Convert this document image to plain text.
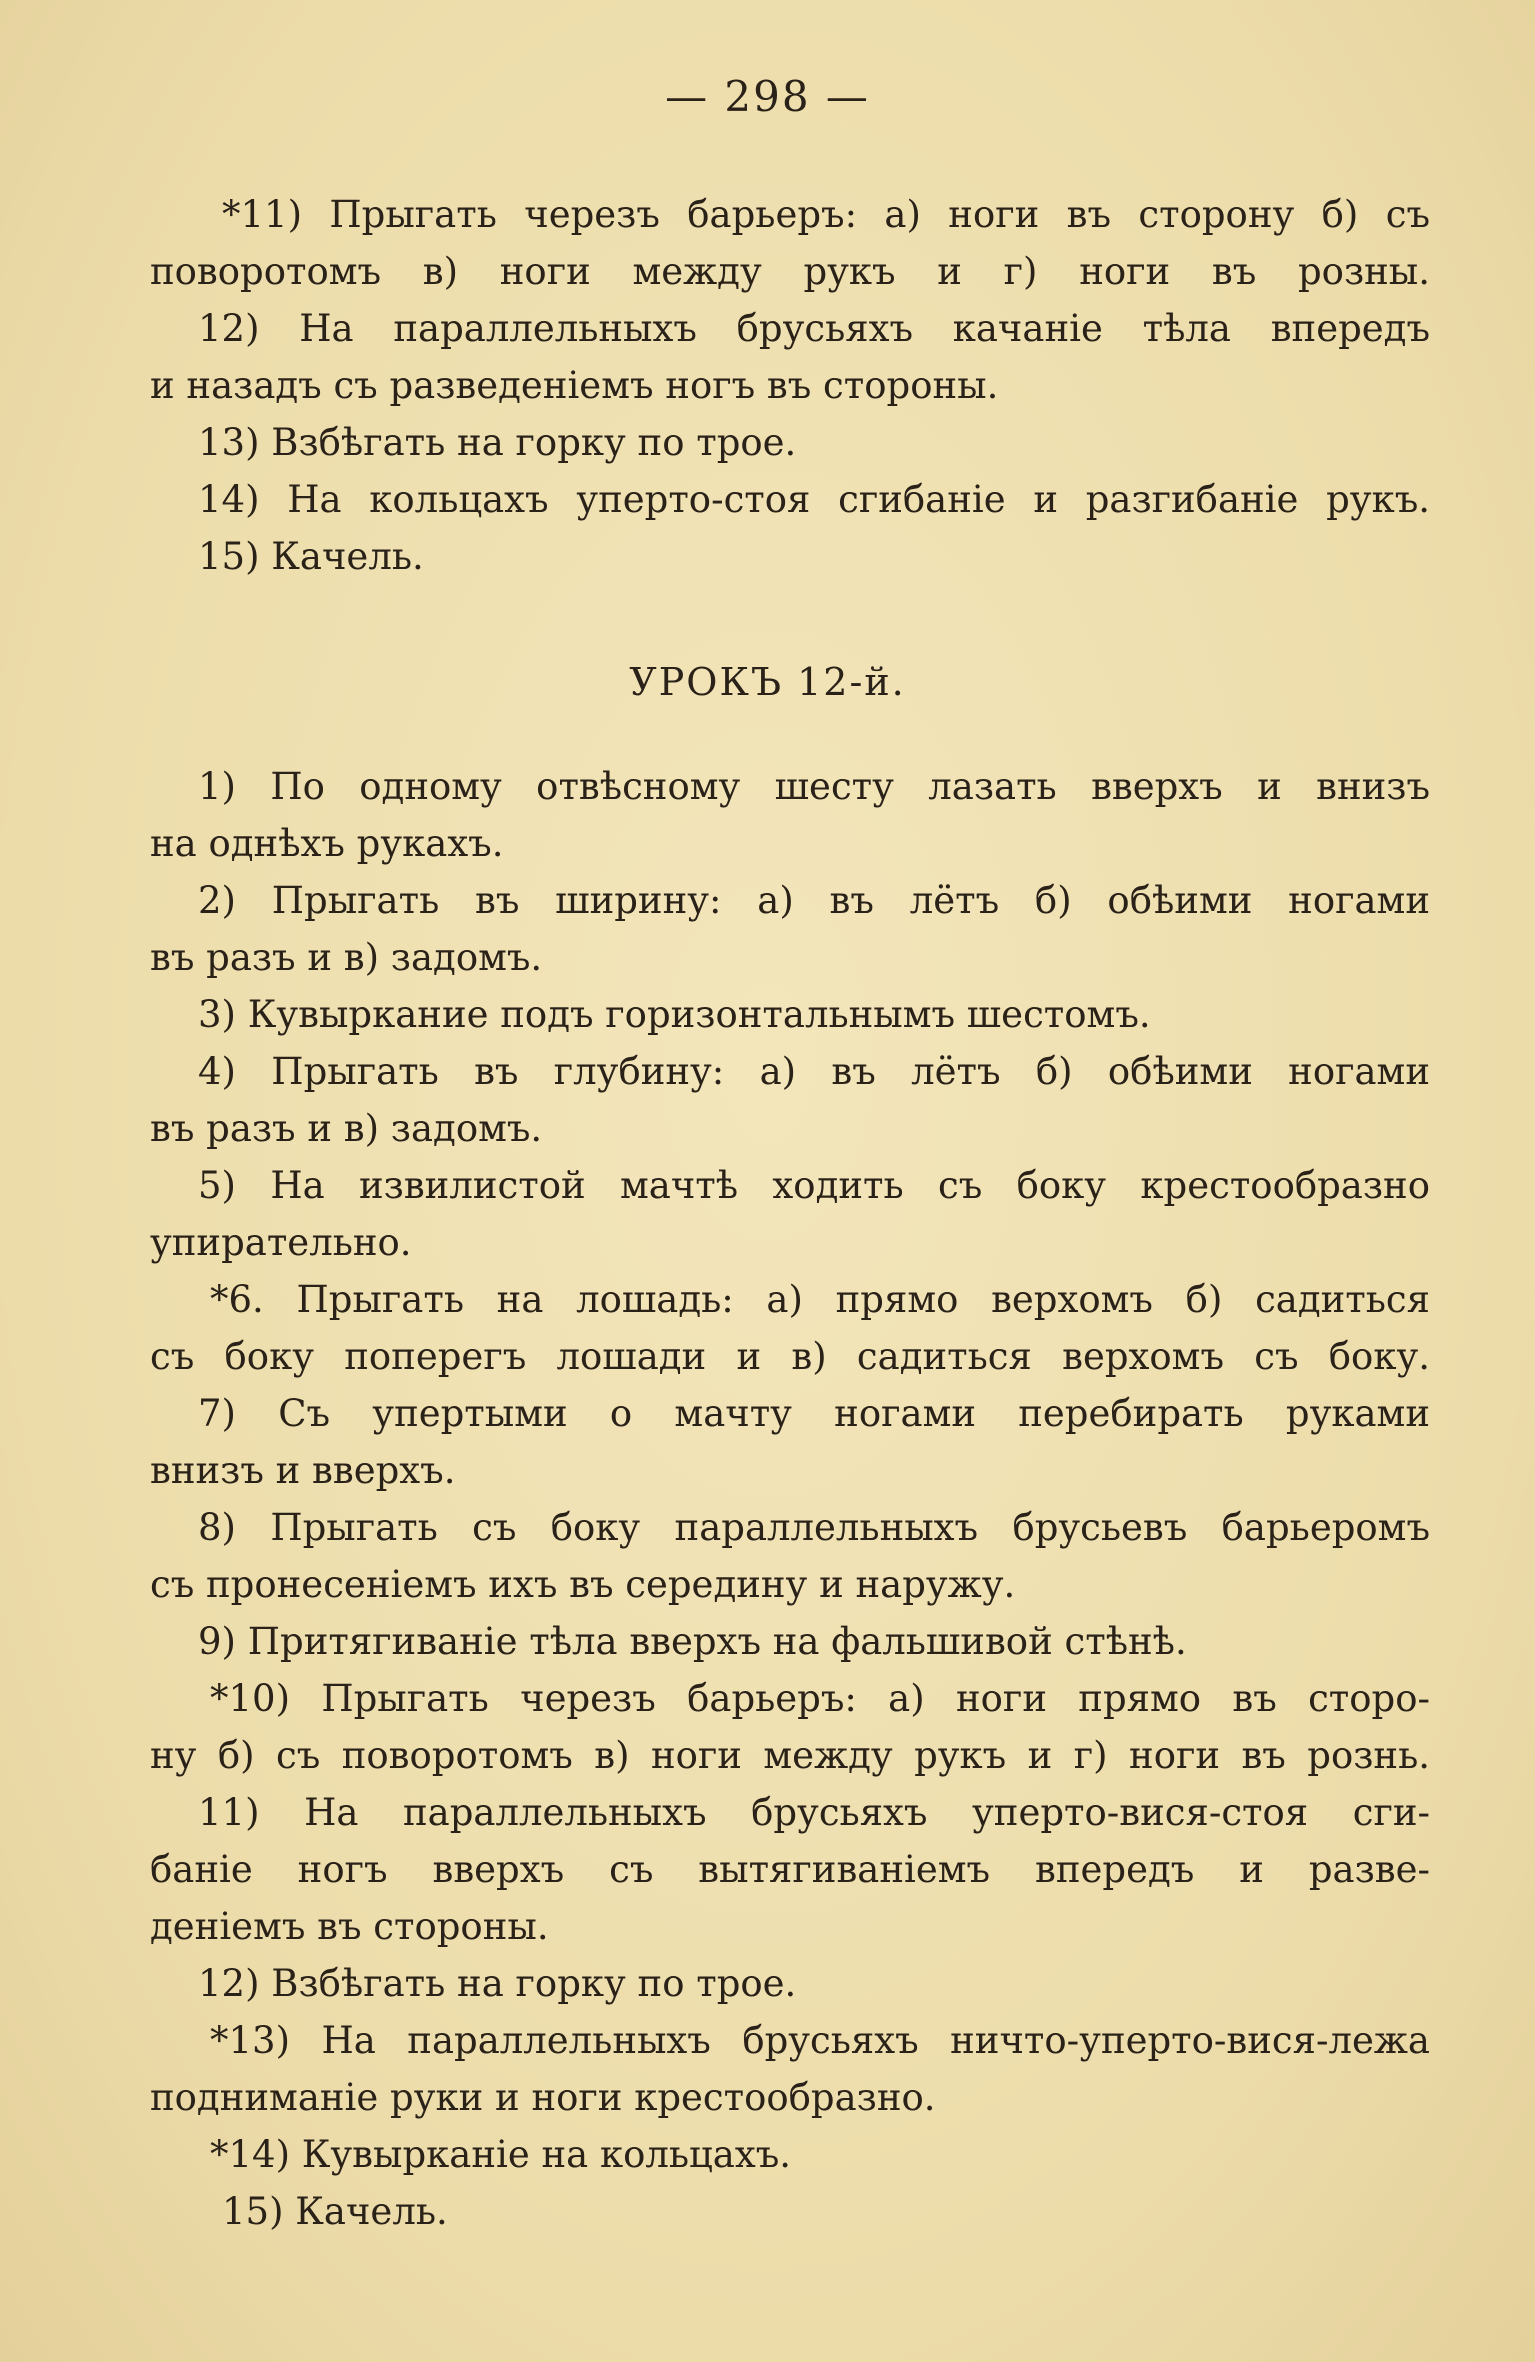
— 298 —
*11) Прыгать черезъ барьеръ: а) ноги въ сторону б) съ
поворотомъ в) ноги между рукъ и г) ноги въ розны.
12) На параллельныхъ брусьяхъ качаніе тѣла впередъ
и назадъ съ разведеніемъ ногъ въ стороны.
13) Взбѣгать на горку по трое.
14) На кольцахъ уперто-стоя сгибаніе и разгибаніе рукъ.
15) Качель.
УРОКЪ 12-й.
1) По одному отвѣсному шесту лазать вверхъ и внизъ
на однѣхъ рукахъ.
2) Прыгать въ ширину: а) въ лётъ б) обѣими ногами
въ разъ и в) задомъ.
3) Кувыркание подъ горизонтальнымъ шестомъ.
4) Прыгать въ глубину: а) въ лётъ б) обѣими ногами
въ разъ и в) задомъ.
5) На извилистой мачтѣ ходить съ боку крестообразно
упирательно.
*6. Прыгать на лошадь: а) прямо верхомъ б) садиться
съ боку поперегъ лошади и в) садиться верхомъ съ боку.
7) Съ упертыми о мачту ногами перебирать руками
внизъ и вверхъ.
8) Прыгать съ боку параллельныхъ брусьевъ барьеромъ
съ пронесеніемъ ихъ въ середину и наружу.
9) Притягиваніе тѣла вверхъ на фальшивой стѣнѣ.
*10) Прыгать черезъ барьеръ: а) ноги прямо въ сторо-
ну б) съ поворотомъ в) ноги между рукъ и г) ноги въ рознь.
11) На параллельныхъ брусьяхъ уперто-вися-стоя сги-
баніе ногъ вверхъ съ вытягиваніемъ впередъ и разве-
деніемъ въ стороны.
12) Взбѣгать на горку по трое.
*13) На параллельныхъ брусьяхъ ничто-уперто-вися-лежа
подниманіе руки и ноги крестообразно.
*14) Кувырканіе на кольцахъ.
15) Качель.
